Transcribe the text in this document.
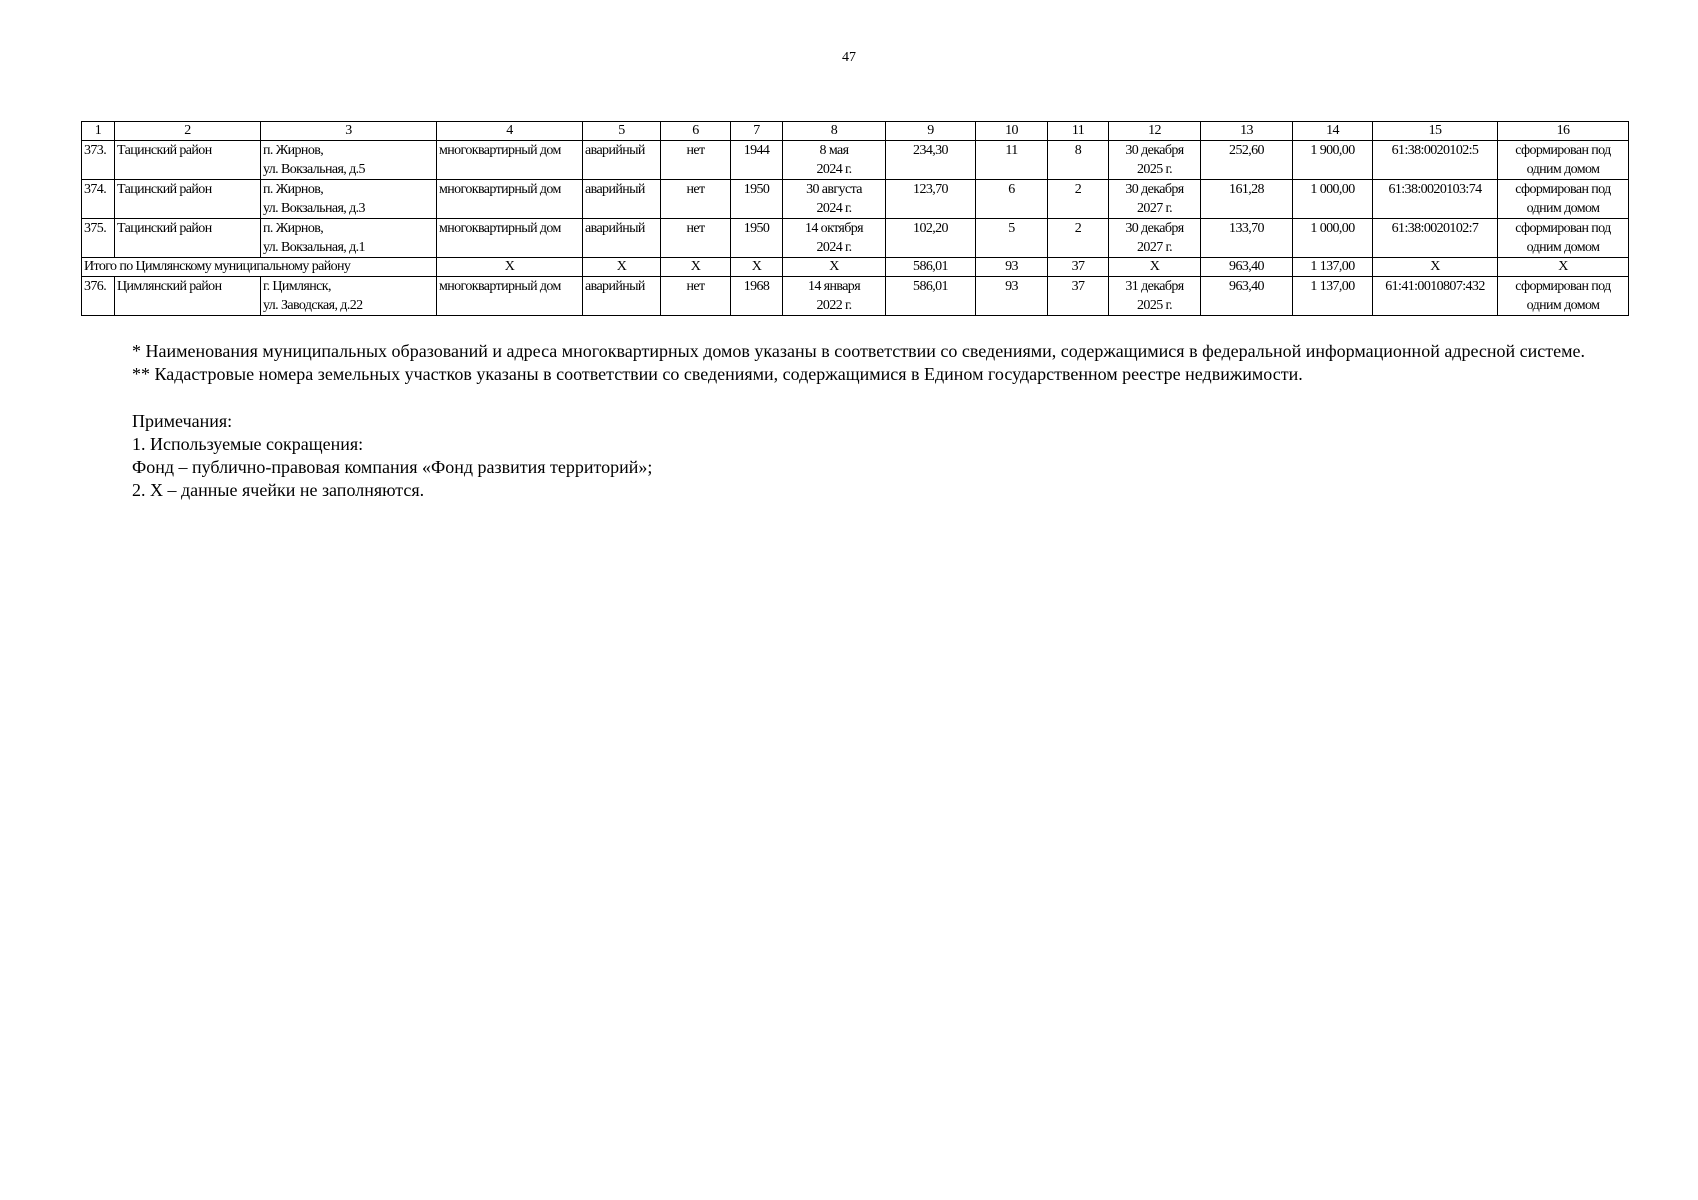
47
1	2	3	4	5	6	7	8	9	10	11	12	13	14	15	16
373.	Тацинский район	п. Жирнов,
ул. Вокзальная, д.5	многоквартирный дом	аварийный	нет	1944	8 мая
2024 г.	234,30	11	8	30 декабря
2025 г.	252,60	1 900,00	61:38:0020102:5	сформирован под
одним домом

374.	Тацинский район	п. Жирнов,
ул. Вокзальная, д.3	многоквартирный дом	аварийный	нет	1950	30 августа
2024 г.	123,70	6	2	30 декабря
2027 г.	161,28	1 000,00	61:38:0020103:74	сформирован под
одним домом

375.	Тацинский район	п. Жирнов,
ул. Вокзальная, д.1	многоквартирный дом	аварийный	нет	1950	14 октября
2024 г.	102,20	5	2	30 декабря
2027 г.	133,70	1 000,00	61:38:0020102:7	сформирован под
одним домом

Итого по Цимлянскому муниципальному району			X	X	X	X	X	586,01	93	37	X	963,40	1 137,00	X	X
376.	Цимлянский район	г. Цимлянск,
ул. Заводская, д.22	многоквартирный дом	аварийный	нет	1968	14 января
2022 г.	586,01	93	37	31 декабря
2025 г.	963,40	1 137,00	61:41:0010807:432	сформирован под
одним домом

* Наименования муниципальных образований и адреса многоквартирных домов указаны в соответствии со сведениями, содержащимися в федеральной информационной адресной системе.

** Кадастровые номера земельных участков указаны в соответствии со сведениями, содержащимися в Едином государственном реестре недвижимости.

Примечания:

1. Используемые сокращения:

Фонд – публично-правовая компания «Фонд развития территорий»;

2. X – данные ячейки не заполняются.
